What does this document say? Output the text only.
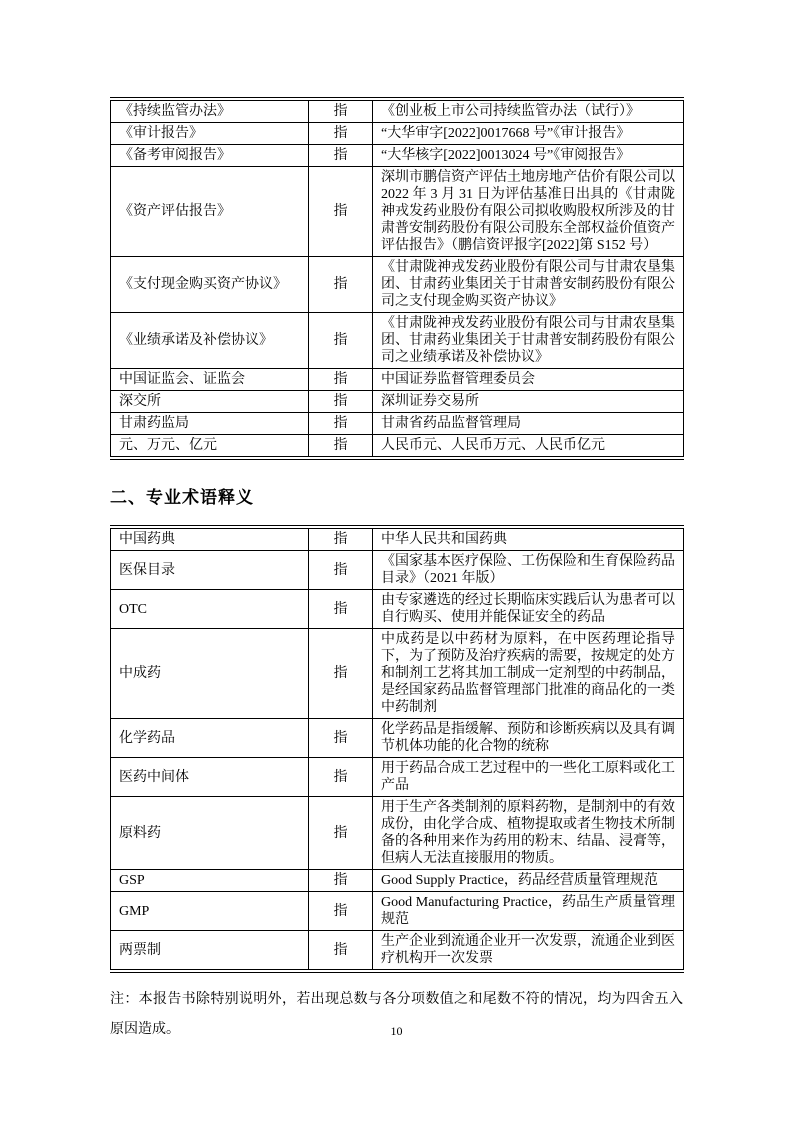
《持续监管办法》	指	《创业板上市公司持续监管办法（试行）》
《审计报告》	指	“大华审字[2022]0017668 号”《审计报告》
《备考审阅报告》	指	“大华核字[2022]0013024 号”《审阅报告》
《资产评估报告》	指	深圳市鹏信资产评估土地房地产估价有限公司以 2022 年 3 月 31 日为评估基准日出具的《甘肃陇神戎发药业股份有限公司拟收购股权所涉及的甘肃普安制药股份有限公司股东全部权益价值资产评估报告》（鹏信资评报字[2022]第 S152 号）
《支付现金购买资产协议》	指	《甘肃陇神戎发药业股份有限公司与甘肃农垦集团、甘肃药业集团关于甘肃普安制药股份有限公司之支付现金购买资产协议》
《业绩承诺及补偿协议》	指	《甘肃陇神戎发药业股份有限公司与甘肃农垦集团、甘肃药业集团关于甘肃普安制药股份有限公司之业绩承诺及补偿协议》
中国证监会、证监会	指	中国证券监督管理委员会
深交所	指	深圳证券交易所
甘肃药监局	指	甘肃省药品监督管理局
元、万元、亿元	指	人民币元、人民币万元、人民币亿元
二、专业术语释义
中国药典	指	中华人民共和国药典
医保目录	指	《国家基本医疗保险、工伤保险和生育保险药品目录》（2021 年版）
OTC	指	由专家遴选的经过长期临床实践后认为患者可以自行购买、使用并能保证安全的药品
中成药	指	中成药是以中药材为原料，在中医药理论指导下，为了预防及治疗疾病的需要，按规定的处方和制剂工艺将其加工制成一定剂型的中药制品，是经国家药品监督管理部门批准的商品化的一类中药制剂
化学药品	指	化学药品是指缓解、预防和诊断疾病以及具有调节机体功能的化合物的统称
医药中间体	指	用于药品合成工艺过程中的一些化工原料或化工产品
原料药	指	用于生产各类制剂的原料药物，是制剂中的有效成份，由化学合成、植物提取或者生物技术所制备的各种用来作为药用的粉末、结晶、浸膏等，但病人无法直接服用的物质。
GSP	指	Good Supply Practice，药品经营质量管理规范
GMP	指	Good Manufacturing Practice，药品生产质量管理规范
两票制	指	生产企业到流通企业开一次发票，流通企业到医疗机构开一次发票

注：本报告书除特别说明外，若出现总数与各分项数值之和尾数不符的情况，均为四舍五入原因造成。	10
